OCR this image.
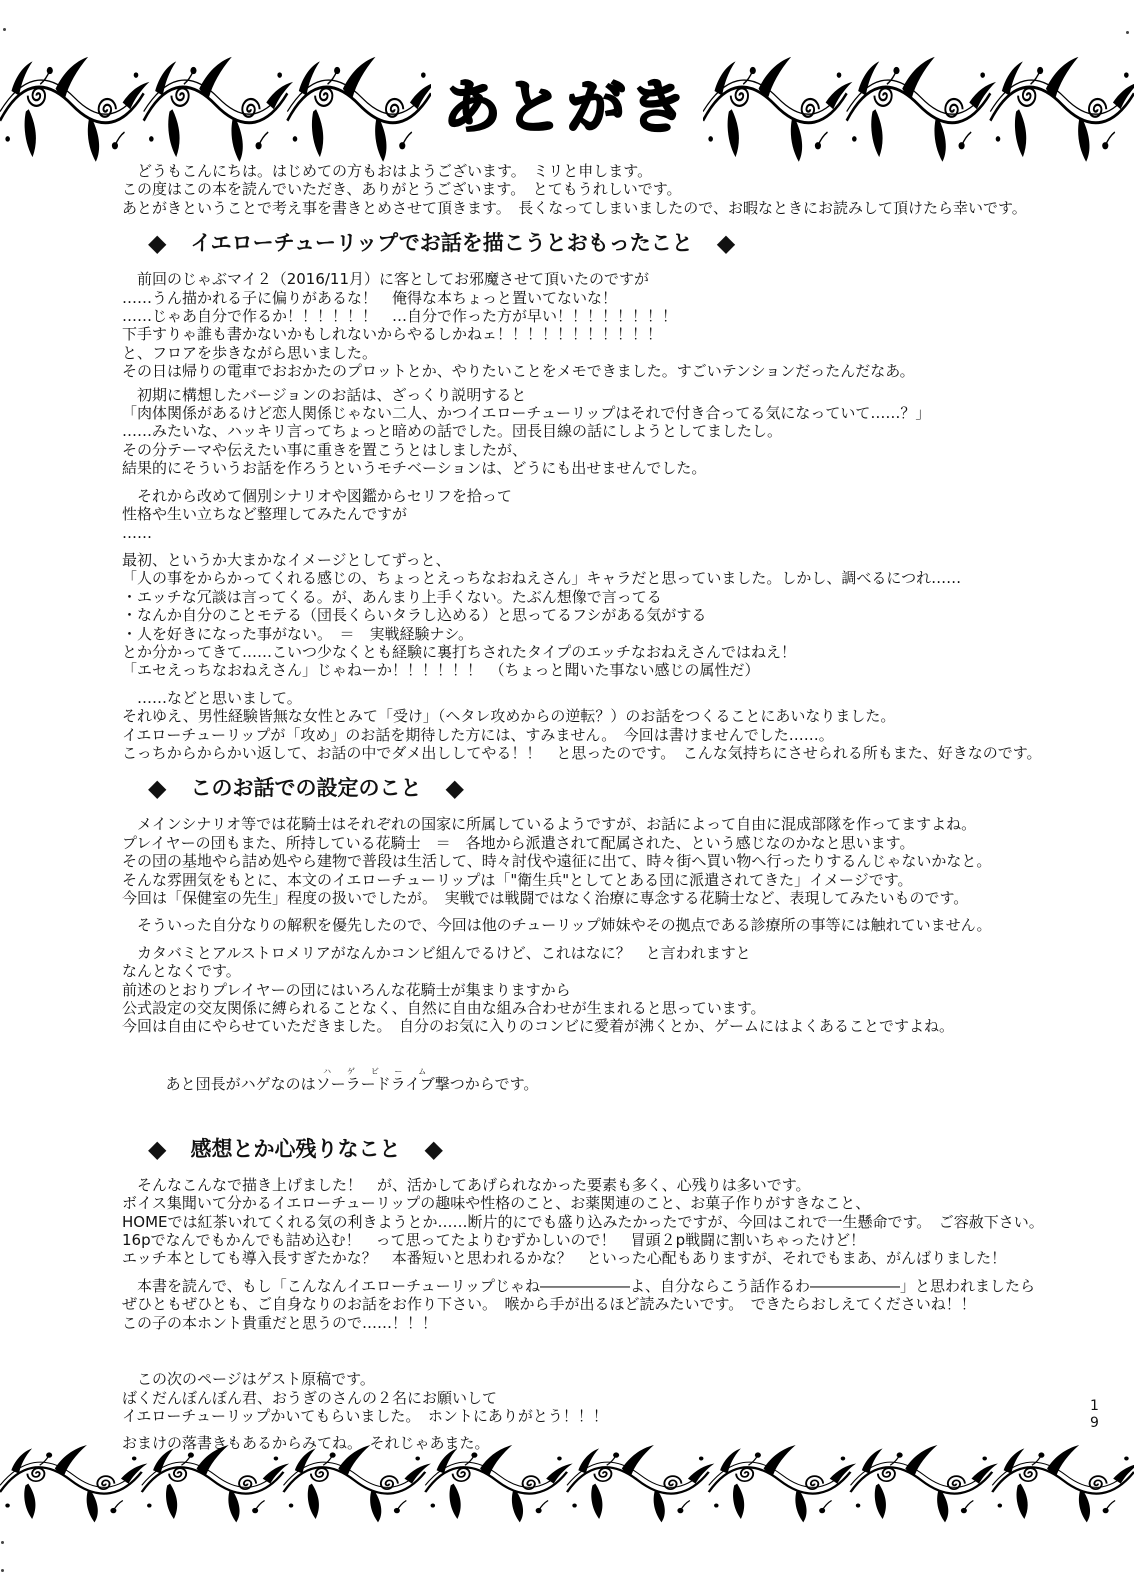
あとがき
　どうもこんにちは。はじめての方もおはようございます。　ミリと申します。
この度はこの本を読んでいただき、ありがとうございます。　とてもうれしいです。
あとがきということで考え事を書きとめさせて頂きます。　長くなってしまいましたので、お暇なときにお読みして頂けたら幸いです。
◆ イエローチューリップでお話を描こうとおもったこと ◆
　前回のじゃぶマイ２（2016/11月）に客としてお邪魔させて頂いたのですが
……うん描かれる子に偏りがあるな！　俺得な本ちょっと置いてないな！
……じゃあ自分で作るか！！！！！！　…自分で作った方が早い！！！！！！！！
下手すりゃ誰も書かないかもしれないからやるしかねェ！！！！！！！！！！！
と、フロアを歩きながら思いました。
その日は帰りの電車でおおかたのプロットとか、やりたいことをメモできました。すごいテンションだったんだなあ。
　初期に構想したバージョンのお話は、ざっくり説明すると
「肉体関係があるけど恋人関係じゃない二人、かつイエローチューリップはそれで付き合ってる気になっていて……？」
……みたいな、ハッキリ言ってちょっと暗めの話でした。団長目線の話にしようとしてましたし。
その分テーマや伝えたい事に重きを置こうとはしましたが、
結果的にそういうお話を作ろうというモチベーションは、どうにも出せませんでした。
　それから改めて個別シナリオや図鑑からセリフを拾って
性格や生い立ちなど整理してみたんですが
……
最初、というか大まかなイメージとしてずっと、
「人の事をからかってくれる感じの、ちょっとえっちなおねえさん」キャラだと思っていました。しかし、調べるにつれ……
・エッチな冗談は言ってくる。が、あんまり上手くない。たぶん想像で言ってる
・なんか自分のことモテる（団長くらいタラし込める）と思ってるフシがある気がする
・人を好きになった事がない。　＝　実戦経験ナシ。
とか分かってきて……こいつ少なくとも経験に裏打ちされたタイプのエッチなおねえさんではねえ！
「エセえっちなおねえさん」じゃねーか！！！！！！　（ちょっと聞いた事ない感じの属性だ）
　……などと思いまして。
それゆえ、男性経験皆無な女性とみて「受け」（ヘタレ攻めからの逆転？）のお話をつくることにあいなりました。
イエローチューリップが「攻め」のお話を期待した方には、すみません。　今回は書けませんでした……。
こっちからからかい返して、お話の中でダメ出ししてやる！！　と思ったのです。　こんな気持ちにさせられる所もまた、好きなのです。
◆ このお話での設定のこと ◆
　メインシナリオ等では花騎士はそれぞれの国家に所属しているようですが、お話によって自由に混成部隊を作ってますよね。
プレイヤーの団もまた、所持している花騎士　＝　各地から派遣されて配属された、という感じなのかなと思います。
その団の基地やら詰め処やら建物で普段は生活して、時々討伐や遠征に出て、時々街へ買い物へ行ったりするんじゃないかなと。
そんな雰囲気をもとに、本文のイエローチューリップは「"衛生兵"としてとある団に派遣されてきた」イメージです。
今回は「保健室の先生」程度の扱いでしたが。　実戦では戦闘ではなく治療に専念する花騎士など、表現してみたいものです。
　そういった自分なりの解釈を優先したので、今回は他のチューリップ姉妹やその拠点である診療所の事等には触れていません。
　カタバミとアルストロメリアがなんかコンビ組んでるけど、これはなに？　と言われますと
なんとなくです。
前述のとおりプレイヤーの団にはいろんな花騎士が集まりますから
公式設定の交友関係に縛られることなく、自然に自由な組み合わせが生まれると思っています。
今回は自由にやらせていただきました。　自分のお気に入りのコンビに愛着が沸くとか、ゲームにはよくあることですよね。

　あと団長がハゲなのはソーラードライブハゲビーム撃つからです。

◆ 感想とか心残りなこと ◆
　そんなこんなで描き上げました！　が、活かしてあげられなかった要素も多く、心残りは多いです。
ボイス集聞いて分かるイエローチューリップの趣味や性格のこと、お薬関連のこと、お菓子作りがすきなこと、
HOMEでは紅茶いれてくれる気の利きようとか……断片的にでも盛り込みたかったですが、今回はこれで一生懸命です。　ご容赦下さい。
16pでなんでもかんでも詰め込む！　って思ってたよりむずかしいので！　冒頭２p戦闘に割いちゃったけど！
エッチ本としても導入長すぎたかな？　本番短いと思われるかな？　といった心配もありますが、それでもまあ、がんばりました！
　本書を読んで、もし「こんなんイエローチューリップじゃね――――――よ、自分ならこう話作るわ――――――」と思われましたら
ぜひともぜひとも、ご自身なりのお話をお作り下さい。　喉から手が出るほど読みたいです。　できたらおしえてくださいね！！
この子の本ホント貴重だと思うので……！！！
　この次のページはゲスト原稿です。
ばくだんぼんぼん君、おうぎのさんの２名にお願いして
イエローチューリップかいてもらいました。　ホントにありがとう！！！
おまけの落書きもあるからみてね。　それじゃあまた。
19
